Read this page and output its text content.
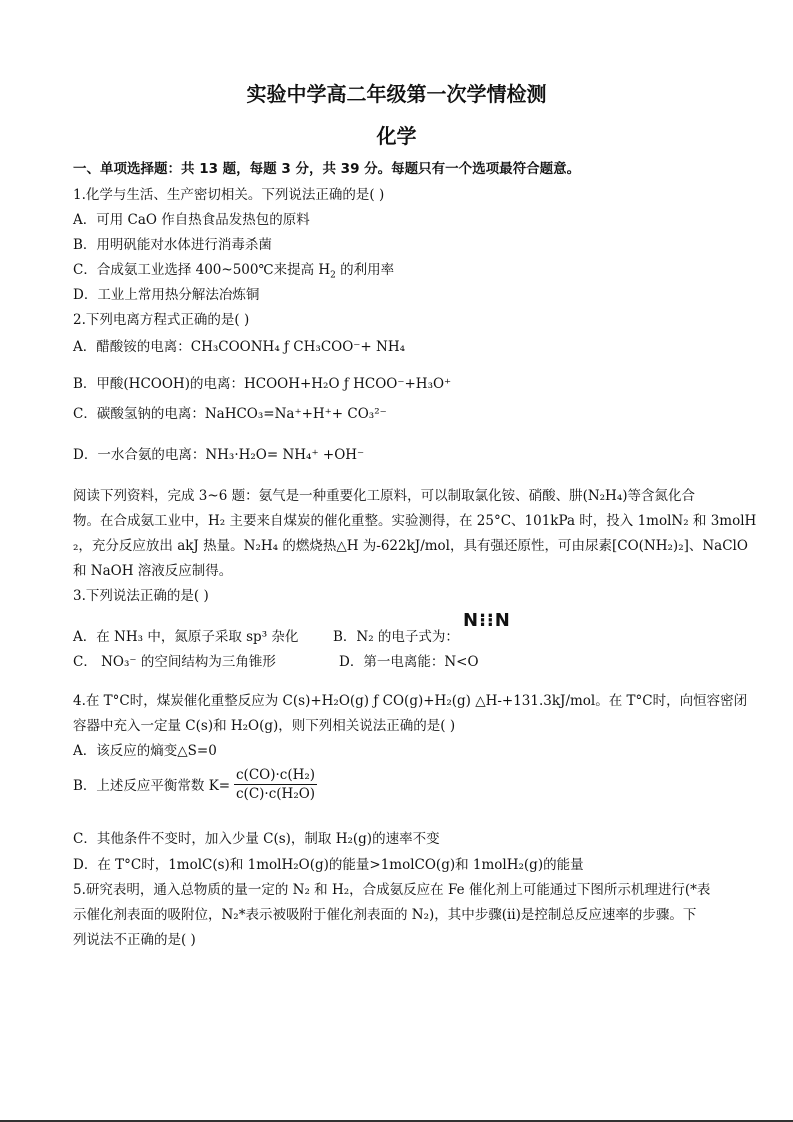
实验中学高二年级第一次学情检测
化学
一、单项选择题：共 13 题，每题 3 分，共 39 分。每题只有一个选项最符合题意。
1.化学与生活、生产密切相关。下列说法正确的是( )
A．可用 CaO 作自热食品发热包的原料
B．用明矾能对水体进行消毒杀菌
C．合成氨工业选择 400~500℃来提高 $H_2$ 的利用率
D．工业上常用热分解法冶炼铜
2.下列电离方程式正确的是( )
A．醋酸铵的电离：CH₃COONH₄ ƒ CH₃COO⁻+ NH₄
B．甲酸(HCOOH)的电离：HCOOH+H₂O ƒ HCOO⁻+H₃O⁺
C．碳酸氢钠的电离：NaHCO₃=Na⁺+H⁺+ CO₃²⁻
D．一水合氨的电离：NH₃·H₂O= NH₄⁺ +OH⁻
阅读下列资料，完成 3~6 题：氨气是一种重要化工原料，可以制取氯化铵、硝酸、肼(N₂H₄)等含氮化合
物。在合成氨工业中，H₂ 主要来自煤炭的催化重整。实验测得，在 25°C、101kPa 时，投入 1molN₂ 和 3molH
₂，充分反应放出 akJ 热量。N₂H₄ 的燃烧热△H 为-622kJ/mol，具有强还原性，可由尿素[CO(NH₂)₂]、NaClO
和 NaOH 溶液反应制得。
3.下列说法正确的是( )
A．在 NH₃ 中，氮原子采取 sp³ 杂化	B．N₂ 的电子式为：
N⁝⁝N
C． NO₃⁻ 的空间结构为三角锥形	D．第一电离能：N<O
4.在 T°C时，煤炭催化重整反应为 C(s)+H₂O(g) ƒ CO(g)+H₂(g) △H-+131.3kJ/mol。在 T°C时，向恒容密闭
容器中充入一定量 C(s)和 H₂O(g)，则下列相关说法正确的是( )
A．该反应的熵变△S=0
B．上述反应平衡常数 $K= \frac{\text{c(CO)·c(H₂)}}{\text{c(C)·c(H₂O)}}$
C．其他条件不变时，加入少量 C(s)，制取 H₂(g)的速率不变
D．在 T°C时，1molC(s)和 1molH₂O(g)的能量>1molCO(g)和 1molH₂(g)的能量
5.研究表明，通入总物质的量一定的 N₂ 和 H₂，合成氨反应在 Fe 催化剂上可能通过下图所示机理进行(*表
示催化剂表面的吸附位，N₂*表示被吸附于催化剂表面的 N₂)，其中步骤(ⅱ)是控制总反应速率的步骤。下
列说法不正确的是( )
